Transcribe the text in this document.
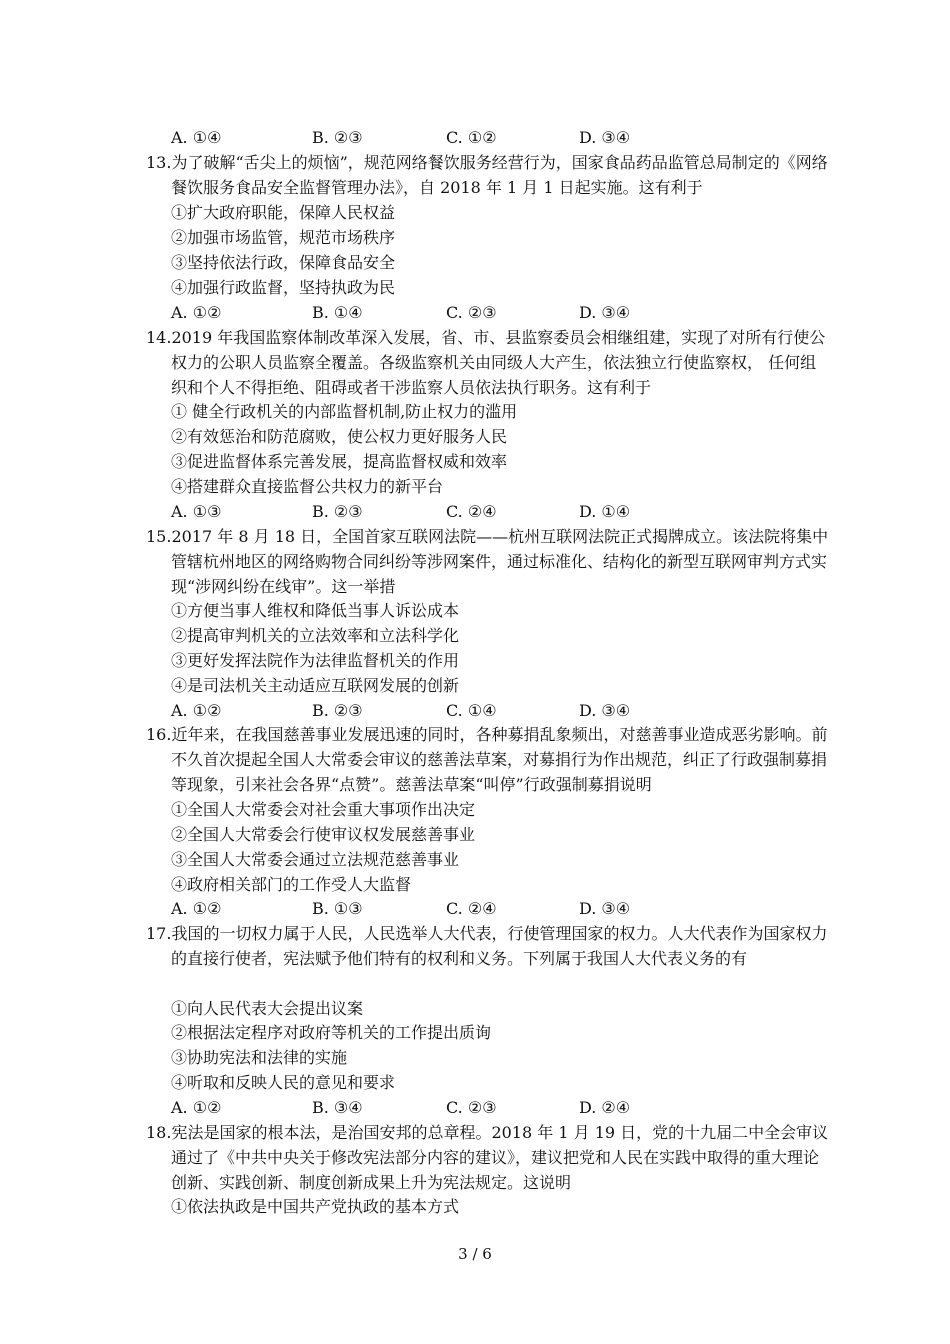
A. ①④	B. ②③	C. ①②	D. ③④
13.为了破解“舌尖上的烦恼”，规范网络餐饮服务经营行为，国家食品药品监管总局制定的《网络餐饮服务食品安全监督管理办法》，自 2018 年 1 月 1 日起实施。这有利于
①扩大政府职能，保障人民权益
②加强市场监管，规范市场秩序
③坚持依法行政，保障食品安全
④加强行政监督，坚持执政为民
A. ①②	B. ①④	C. ②③	D. ③④
14.2019 年我国监察体制改革深入发展，省、市、县监察委员会相继组建，实现了对所有行使公权力的公职人员监察全覆盖。各级监察机关由同级人大产生，依法独立行使监察权， 任何组织和个人不得拒绝、阻碍或者干涉监察人员依法执行职务。这有利于
① 健全行政机关的内部监督机制,防止权力的滥用
②有效惩治和防范腐败，使公权力更好服务人民
③促进监督体系完善发展，提高监督权威和效率
④搭建群众直接监督公共权力的新平台
A. ①③	B. ②③	C. ②④	D. ①④
15.2017 年 8 月 18 日，全国首家互联网法院——杭州互联网法院正式揭牌成立。该法院将集中管辖杭州地区的网络购物合同纠纷等涉网案件，通过标准化、结构化的新型互联网审判方式实现“涉网纠纷在线审”。这一举措
①方便当事人维权和降低当事人诉讼成本
②提高审判机关的立法效率和立法科学化
③更好发挥法院作为法律监督机关的作用
④是司法机关主动适应互联网发展的创新
A. ①②	B. ②③	C. ①④	D. ③④
16.近年来，在我国慈善事业发展迅速的同时，各种募捐乱象频出，对慈善事业造成恶劣影响。前不久首次提起全国人大常委会审议的慈善法草案，对募捐行为作出规范，纠正了行政强制募捐等现象，引来社会各界“点赞”。慈善法草案“叫停”行政强制募捐说明
①全国人大常委会对社会重大事项作出决定
②全国人大常委会行使审议权发展慈善事业
③全国人大常委会通过立法规范慈善事业
④政府相关部门的工作受人大监督
A. ①②	B. ①③	C. ②④	D. ③④
17.我国的一切权力属于人民，人民选举人大代表，行使管理国家的权力。人大代表作为国家权力的直接行使者，宪法赋予他们特有的权利和义务。下列属于我国人大代表义务的有
①向人民代表大会提出议案
②根据法定程序对政府等机关的工作提出质询
③协助宪法和法律的实施
④听取和反映人民的意见和要求
A. ①②	B. ③④	C. ②③	D. ②④
18.宪法是国家的根本法，是治国安邦的总章程。2018 年 1 月 19 日，党的十九届二中全会审议通过了《中共中央关于修改宪法部分内容的建议》，建议把党和人民在实践中取得的重大理论创新、实践创新、制度创新成果上升为宪法规定。这说明
①依法执政是中国共产党执政的基本方式
3 / 6
